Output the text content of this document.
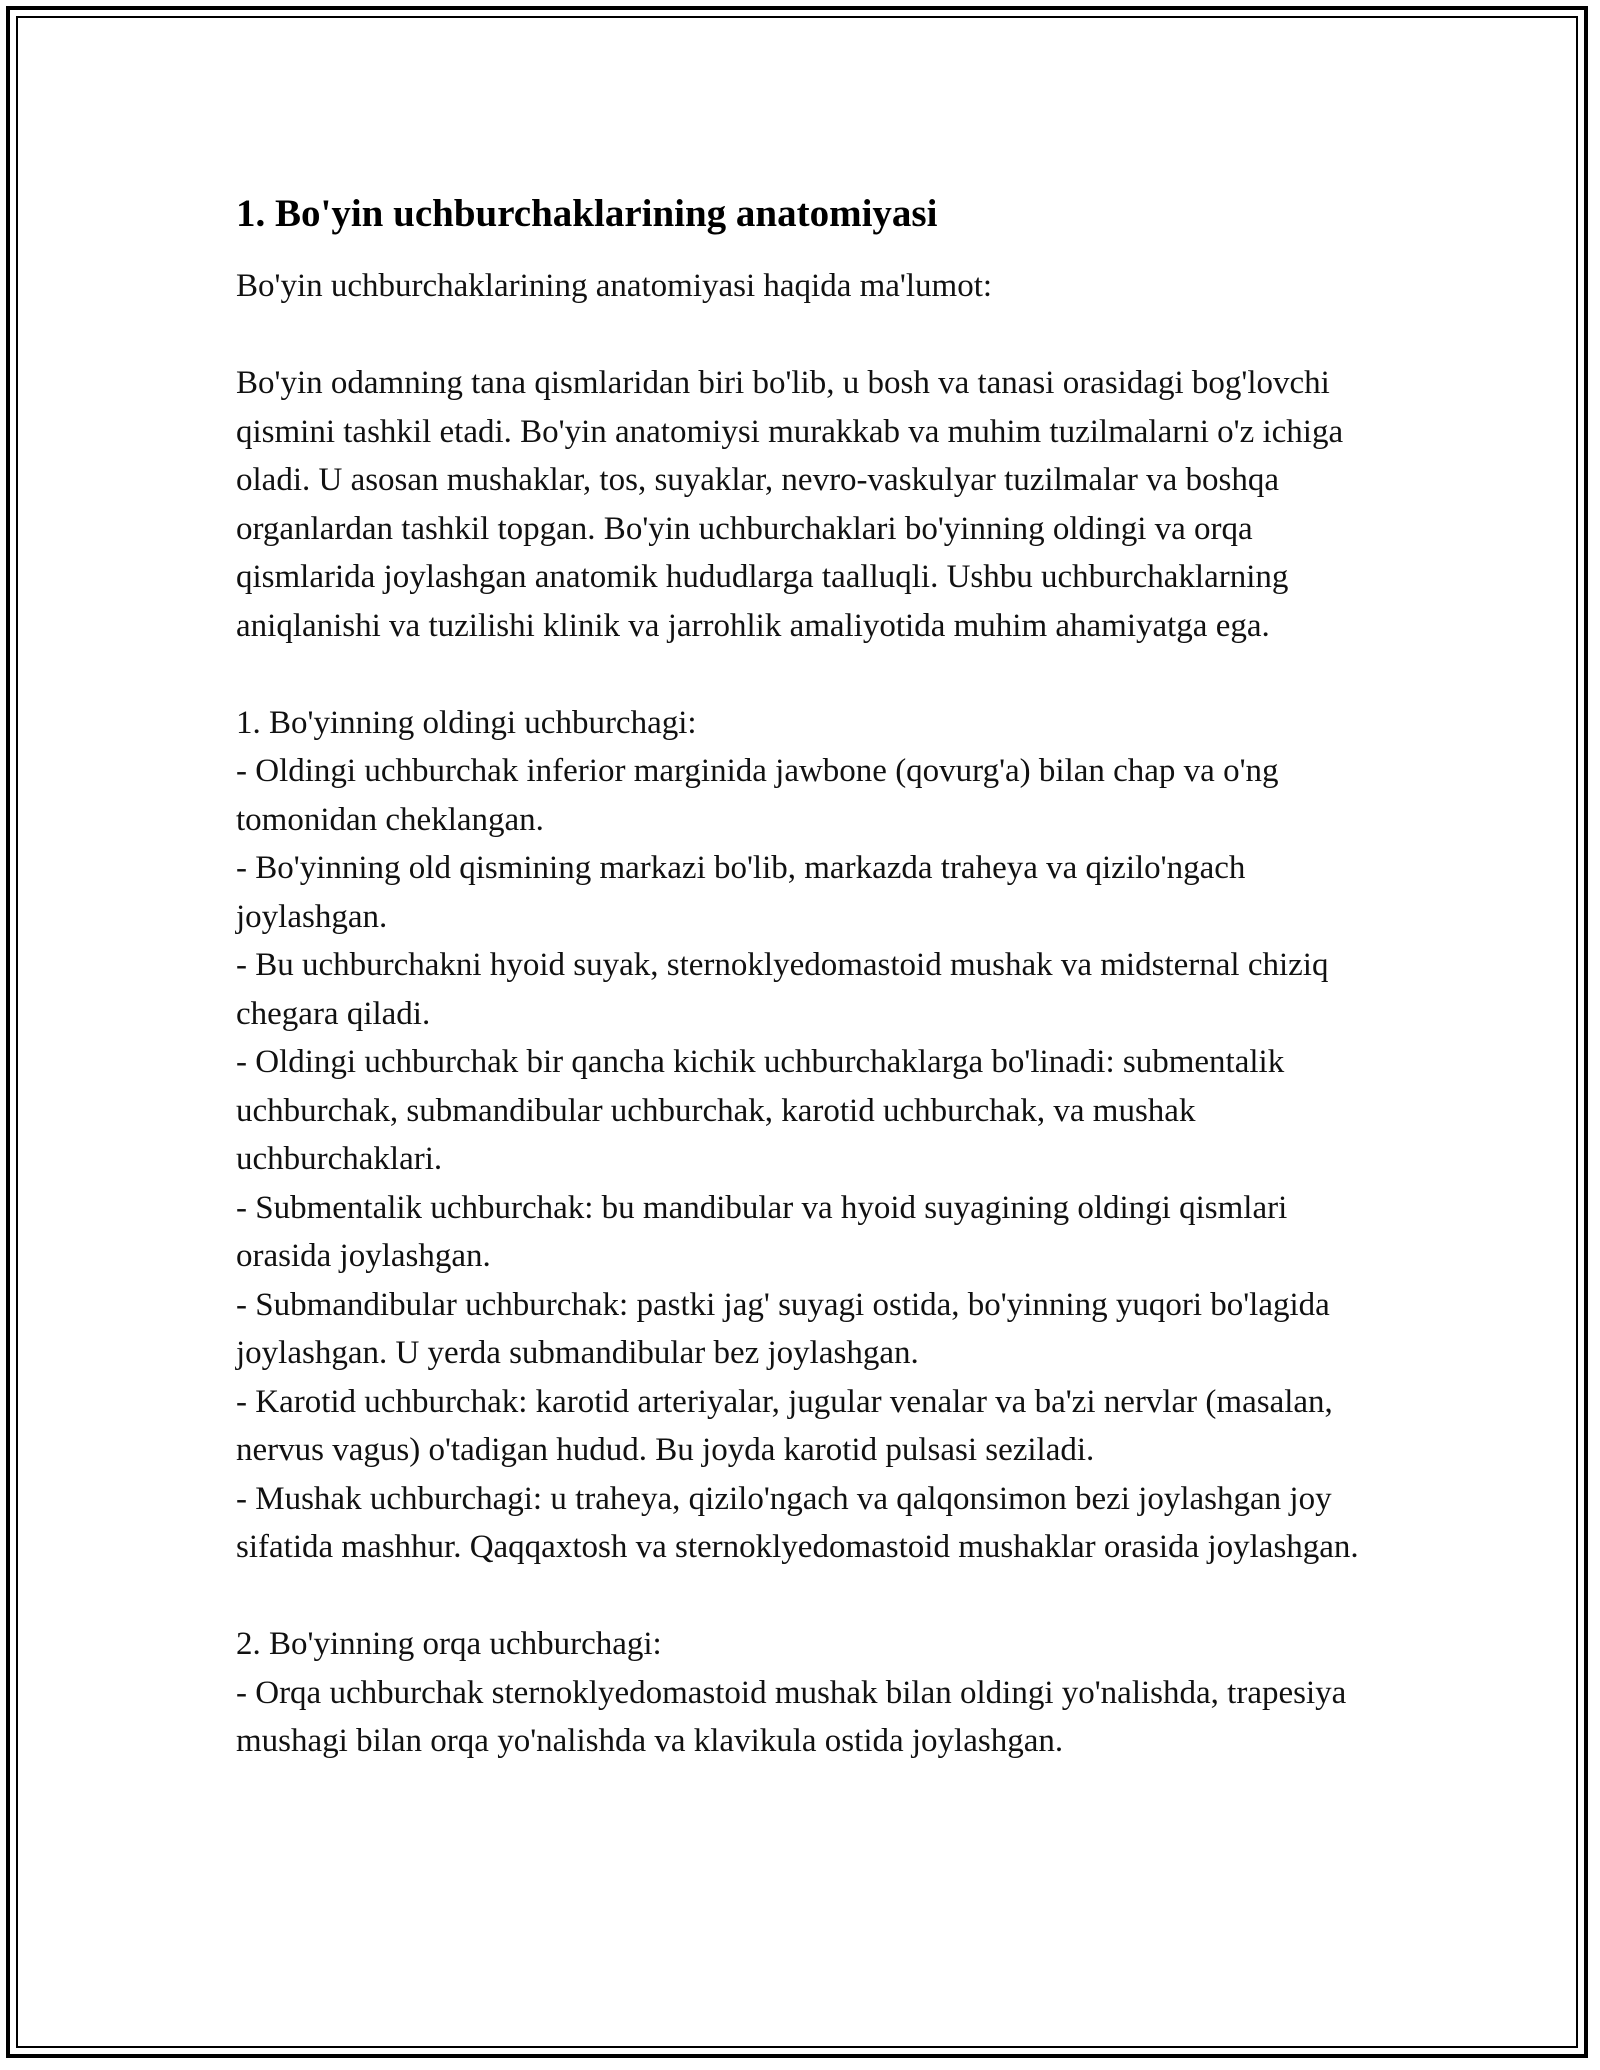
1. Bo'yin uchburchaklarining anatomiyasi

Bo'yin uchburchaklarining anatomiyasi haqida ma'lumot:

Bo'yin odamning tana qismlaridan biri bo'lib, u bosh va tanasi orasidagi bog'lovchi qismini tashkil etadi. Bo'yin anatomiysi murakkab va muhim tuzilmalarni o'z ichiga oladi. U asosan mushaklar, tos, suyaklar, nevro-vaskulyar tuzilmalar va boshqa organlardan tashkil topgan. Bo'yin uchburchaklari bo'yinning oldingi va orqa qismlarida joylashgan anatomik hududlarga taalluqli. Ushbu uchburchaklarning aniqlanishi va tuzilishi klinik va jarrohlik amaliyotida muhim ahamiyatga ega.

1. Bo'yinning oldingi uchburchagi:

- Oldingi uchburchak inferior marginida jawbone (qovurg'a) bilan chap va o'ng tomonidan cheklangan.

- Bo'yinning old qismining markazi bo'lib, markazda traheya va qizilo'ngach joylashgan.

- Bu uchburchakni hyoid suyak, sternoklyedomastoid mushak va midsternal chiziq chegara qiladi.

- Oldingi uchburchak bir qancha kichik uchburchaklarga bo'linadi: submentalik uchburchak, submandibular uchburchak, karotid uchburchak, va mushak uchburchaklari.

- Submentalik uchburchak: bu mandibular va hyoid suyagining oldingi qismlari orasida joylashgan.

- Submandibular uchburchak: pastki jag' suyagi ostida, bo'yinning yuqori bo'lagida joylashgan. U yerda submandibular bez joylashgan.

- Karotid uchburchak: karotid arteriyalar, jugular venalar va ba'zi nervlar (masalan, nervus vagus) o'tadigan hudud. Bu joyda karotid pulsasi seziladi.

- Mushak uchburchagi: u traheya, qizilo'ngach va qalqonsimon bezi joylashgan joy sifatida mashhur. Qaqqaxtosh va sternoklyedomastoid mushaklar orasida joylashgan.

2. Bo'yinning orqa uchburchagi:

- Orqa uchburchak sternoklyedomastoid mushak bilan oldingi yo'nalishda, trapesiya mushagi bilan orqa yo'nalishda va klavikula ostida joylashgan.
